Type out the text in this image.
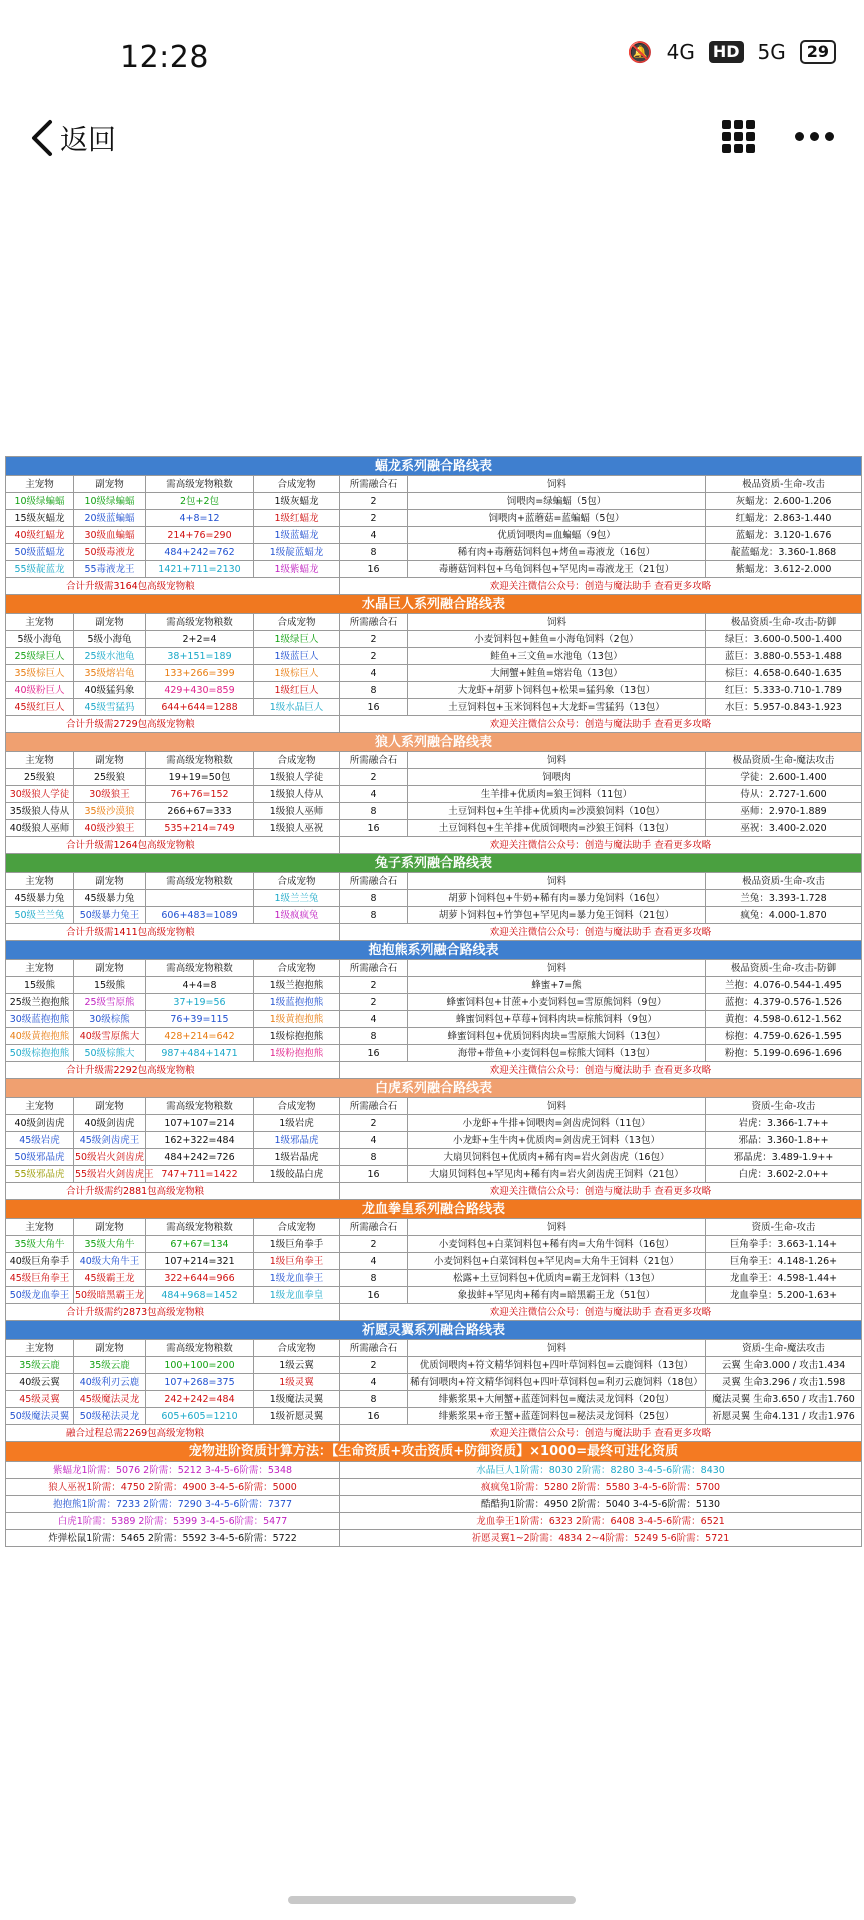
12:28	🔕 4G HD 5G	29
返回
蝠龙系列融合路线表						
主宠物	副宠物	需高级宠物粮数	合成宠物	所需融合石	饲料	极品资质-生命-攻击
10级绿蝙蝠	10级绿蝙蝠	2包+2包	1级灰蝠龙	2	饲喂肉=绿蝙蝠（5包）	灰蝠龙：2.600-1.206
15级灰蝠龙	20级蓝蝙蝠	4+8=12	1级红蝠龙	2	饲喂肉+蓝蘑菇=蓝蝙蝠（5包）	红蝠龙：2.863-1.440
40级红蝠龙	30级血蝙蝠	214+76=290	1级蓝蝠龙	4	优质饲喂肉=血蝙蝠（9包）	蓝蝠龙：3.120-1.676
50级蓝蝠龙	50级毒液龙	484+242=762	1级靛蓝蝠龙	8	稀有肉+毒蘑菇饲料包+烤鱼=毒液龙（16包）	靛蓝蝠龙：3.360-1.868
55级靛蓝龙	55毒液龙王	1421+711=2130	1级紫蝠龙	16	毒蘑菇饲料包+乌龟饲料包+罕见肉=毒液龙王（21包）	紫蝠龙：3.612-2.000
合计升级需3164包高级宠物粮				欢迎关注微信公众号：创造与魔法助手 查看更多攻略		
水晶巨人系列融合路线表						
主宠物	副宠物	需高级宠物粮数	合成宠物	所需融合石	饲料	极品资质-生命-攻击-防御
5级小海龟	5级小海龟	2+2=4	1级绿巨人	2	小麦饲料包+鲑鱼=小海龟饲料（2包）	绿巨：3.600-0.500-1.400
25级绿巨人	25级水池龟	38+151=189	1级蓝巨人	2	鲑鱼+三文鱼=水池龟（13包）	蓝巨：3.880-0.553-1.488
35级棕巨人	35级熔岩龟	133+266=399	1级棕巨人	4	大闸蟹+鲑鱼=熔岩龟（13包）	棕巨：4.658-0.640-1.635
40级粉巨人	40级猛犸象	429+430=859	1级红巨人	8	大龙虾+胡萝卜饲料包+松果=猛犸象（13包）	红巨：5.333-0.710-1.789
45级红巨人	45级雪猛犸	644+644=1288	1级水晶巨人	16	土豆饲料包+玉米饲料包+大龙虾=雪猛犸（13包）	水巨：5.957-0.843-1.923
合计升级需2729包高级宠物粮				欢迎关注微信公众号：创造与魔法助手 查看更多攻略		
狼人系列融合路线表						
主宠物	副宠物	需高级宠物粮数	合成宠物	所需融合石	饲料	极品资质-生命-魔法攻击
25级狼	25级狼	19+19=50包	1级狼人学徒	2	饲喂肉	学徒：2.600-1.400
30级狼人学徒	30级狼王	76+76=152	1级狼人侍从	4	生羊排+优质肉=狼王饲料（11包）	侍从：2.727-1.600
35级狼人侍从	35级沙漠狼	266+67=333	1级狼人巫师	8	土豆饲料包+生羊排+优质肉=沙漠狼饲料（10包）	巫师：2.970-1.889
40级狼人巫师	40级沙狼王	535+214=749	1级狼人巫祝	16	土豆饲料包+生羊排+优质饲喂肉=沙狼王饲料（13包）	巫祝：3.400-2.020
合计升级需1264包高级宠物粮				欢迎关注微信公众号：创造与魔法助手 查看更多攻略		
兔子系列融合路线表						
主宠物	副宠物	需高级宠物粮数	合成宠物	所需融合石	饲料	极品资质-生命-攻击
45级暴力兔	45级暴力兔		1级兰兰兔	8	胡萝卜饲料包+牛奶+稀有肉=暴力兔饲料（16包）	兰兔：3.393-1.728
50级兰兰兔	50级暴力兔王	606+483=1089	1级疯疯兔	8	胡萝卜饲料包+竹笋包+罕见肉=暴力兔王饲料（21包）	疯兔：4.000-1.870
合计升级需1411包高级宠物粮				欢迎关注微信公众号：创造与魔法助手 查看更多攻略		
抱抱熊系列融合路线表						
主宠物	副宠物	需高级宠物粮数	合成宠物	所需融合石	饲料	极品资质-生命-攻击-防御
15级熊	15级熊	4+4=8	1级兰抱抱熊	2	蜂蜜+7=熊	兰抱：4.076-0.544-1.495
25级兰抱抱熊	25级雪原熊	37+19=56	1级蓝抱抱熊	2	蜂蜜饲料包+甘蔗+小麦饲料包=雪原熊饲料（9包）	蓝抱：4.379-0.576-1.526
30级蓝抱抱熊	30级棕熊	76+39=115	1级黄抱抱熊	4	蜂蜜饲料包+草莓+饲料肉块=棕熊饲料（9包）	黄抱：4.598-0.612-1.562
40级黄抱抱熊	40级雪原熊大	428+214=642	1级棕抱抱熊	8	蜂蜜饲料包+优质饲料肉块=雪原熊大饲料（13包）	棕抱：4.759-0.626-1.595
50级棕抱抱熊	50级棕熊大	987+484+1471	1级粉抱抱熊	16	海带+带鱼+小麦饲料包=棕熊大饲料（13包）	粉抱：5.199-0.696-1.696
合计升级需2292包高级宠物粮				欢迎关注微信公众号：创造与魔法助手 查看更多攻略		
白虎系列融合路线表						
主宠物	副宠物	需高级宠物粮数	合成宠物	所需融合石	饲料	资质-生命-攻击
40级剑齿虎	40级剑齿虎	107+107=214	1级岩虎	2	小龙虾+牛排+饲喂肉=剑齿虎饲料（11包）	岩虎：3.366-1.7++
45级岩虎	45级剑齿虎王	162+322=484	1级邪晶虎	4	小龙虾+生牛肉+优质肉=剑齿虎王饲料（13包）	邪晶：3.360-1.8++
50级邪晶虎	50级岩火剑齿虎	484+242=726	1级岩晶虎	8	大扇贝饲料包+优质肉+稀有肉=岩火剑齿虎（16包）	邪晶虎：3.489-1.9++
55级邪晶虎	55级岩火剑齿虎王	747+711=1422	1级皎晶白虎	16	大扇贝饲料包+罕见肉+稀有肉=岩火剑齿虎王饲料（21包）	白虎：3.602-2.0++
合计升级需约2881包高级宠物粮				欢迎关注微信公众号：创造与魔法助手 查看更多攻略		
龙血拳皇系列融合路线表						
主宠物	副宠物	需高级宠物粮数	合成宠物	所需融合石	饲料	资质-生命-攻击
35级大角牛	35级大角牛	67+67=134	1级巨角拳手	2	小麦饲料包+白菜饲料包+稀有肉=大角牛饲料（16包）	巨角拳手：3.663-1.14+
40级巨角拳手	40级大角牛王	107+214=321	1级巨角拳王	4	小麦饲料包+白菜饲料包+罕见肉=大角牛王饲料（21包）	巨角拳王：4.148-1.26+
45级巨角拳王	45级霸王龙	322+644=966	1级龙血拳王	8	松露+土豆饲料包+优质肉=霸王龙饲料（13包）	龙血拳王：4.598-1.44+
50级龙血拳王	50级暗黑霸王龙	484+968=1452	1级龙血拳皇	16	象拔蚌+罕见肉+稀有肉=暗黑霸王龙（51包）	龙血拳皇：5.200-1.63+
合计升级需约2873包高级宠物粮				欢迎关注微信公众号：创造与魔法助手 查看更多攻略		
祈愿灵翼系列融合路线表						
主宠物	副宠物	需高级宠物粮数	合成宠物	所需融合石	饲料	资质-生命-魔法攻击
35级云鹿	35级云鹿	100+100=200	1级云翼	2	优质饲喂肉+符文精华饲料包+四叶草饲料包=云鹿饲料（13包）	云翼 生命3.000 / 攻击1.434
40级云翼	40级利刃云鹿	107+268=375	1级灵翼	4	稀有饲喂肉+符文精华饲料包+四叶草饲料包=利刃云鹿饲料（18包）	灵翼 生命3.296 / 攻击1.598
45级灵翼	45级魔法灵龙	242+242=484	1级魔法灵翼	8	绯紫浆果+大闸蟹+蓝莲饲料包=魔法灵龙饲料（20包）	魔法灵翼 生命3.650 / 攻击1.760
50级魔法灵翼	50级秘法灵龙	605+605=1210	1级祈愿灵翼	16	绯紫浆果+帝王蟹+蓝莲饲料包=秘法灵龙饲料（25包）	祈愿灵翼 生命4.131 / 攻击1.976
融合过程总需2269包高级宠物粮				欢迎关注微信公众号：创造与魔法助手 查看更多攻略		
宠物进阶资质计算方法：【生命资质+攻击资质+防御资质】×1000=最终可进化资质						
紫蝠龙1阶需：5076 2阶需：5212 3-4-5-6阶需：5348				水晶巨人1阶需：8030 2阶需：8280 3-4-5-6阶需：8430		
狼人巫祝1阶需：4750 2阶需：4900 3-4-5-6阶需：5000				疯疯兔1阶需：5280 2阶需：5580 3-4-5-6阶需：5700		
抱抱熊1阶需：7233 2阶需：7290 3-4-5-6阶需：7377				酷酷狗1阶需：4950 2阶需：5040 3-4-5-6阶需：5130		
白虎1阶需：5389 2阶需：5399 3-4-5-6阶需：5477				龙血拳王1阶需：6323 2阶需：6408 3-4-5-6阶需：6521		
炸弹松鼠1阶需：5465 2阶需：5592 3-4-5-6阶需：5722				祈愿灵翼1~2阶需：4834 2~4阶需：5249 5-6阶需：5721		
